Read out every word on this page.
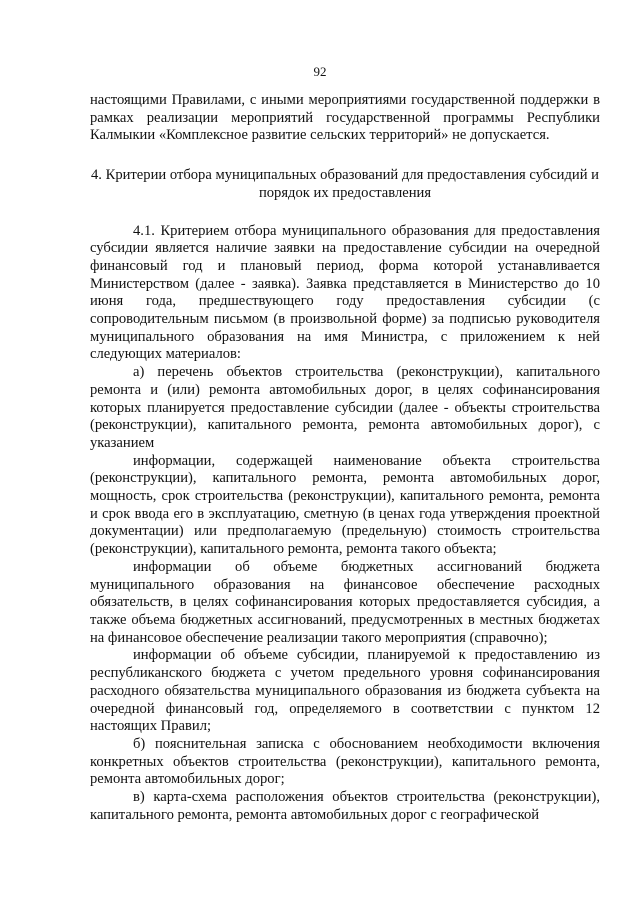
92

настоящими Правилами, с иными мероприятиями государственной поддержки в рамках реализации мероприятий государственной программы Республики Калмыкии «Комплексное развитие сельских территорий» не допускается.

4. Критерии отбора муниципальных образований для предоставления субсидий и порядок их предоставления

4.1. Критерием отбора муниципального образования для предоставления субсидии является наличие заявки на предоставление субсидии на очередной финансовый год и плановый период, форма которой устанавливается Министерством (далее - заявка). Заявка представляется в Министерство до 10 июня года, предшествующего году предоставления субсидии (с сопроводительным письмом (в произвольной форме) за подписью руководителя муниципального образования на имя Министра, с приложением к ней следующих материалов:

а) перечень объектов строительства (реконструкции), капитального ремонта и (или) ремонта автомобильных дорог, в целях софинансирования которых планируется предоставление субсидии (далее - объекты строительства (реконструкции), капитального ремонта, ремонта автомобильных дорог), с указанием

информации, содержащей наименование объекта строительства (реконструкции), капитального ремонта, ремонта автомобильных дорог, мощность, срок строительства (реконструкции), капитального ремонта, ремонта и срок ввода его в эксплуатацию, сметную (в ценах года утверждения проектной документации) или предполагаемую (предельную) стоимость строительства (реконструкции), капитального ремонта, ремонта такого объекта;

информации об объеме бюджетных ассигнований бюджета муниципального образования на финансовое обеспечение расходных обязательств, в целях софинансирования которых предоставляется субсидия, а также объема бюджетных ассигнований, предусмотренных в местных бюджетах на финансовое обеспечение реализации такого мероприятия (справочно);

информации об объеме субсидии, планируемой к предоставлению из республиканского бюджета с учетом предельного уровня софинансирования расходного обязательства муниципального образования из бюджета субъекта на очередной финансовый год, определяемого в соответствии с пунктом 12 настоящих Правил;

б) пояснительная записка с обоснованием необходимости включения конкретных объектов строительства (реконструкции), капитального ремонта, ремонта автомобильных дорог;

в) карта-схема расположения объектов строительства (реконструкции), капитального ремонта, ремонта автомобильных дорог с географической
